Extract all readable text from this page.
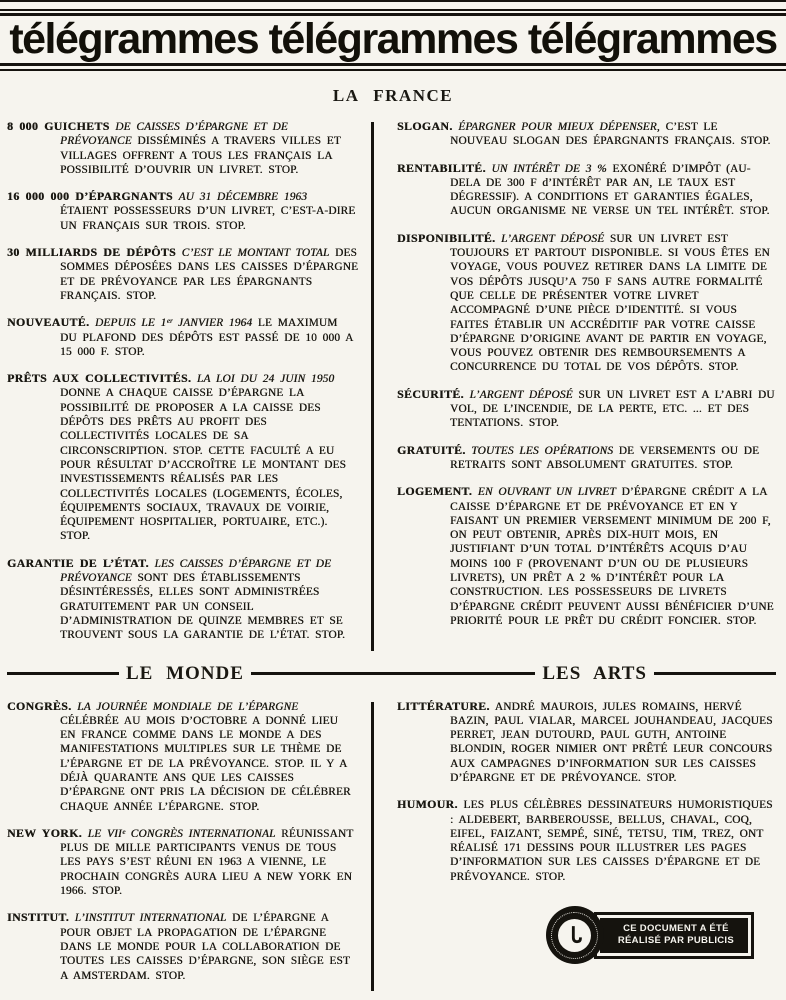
télégrammes télégrammes télégrammes
LA FRANCE

8 000 GUICHETS DE CAISSES D’ÉPARGNE ET DE PRÉVOYANCE DISSÉMINÉS A TRAVERS VILLES ET VILLAGES OFFRENT A TOUS LES FRANÇAIS LA POSSIBILITÉ D’OUVRIR UN LIVRET. STOP.

16 000 000 D’ÉPARGNANTS AU 31 DÉCEMBRE 1963 ÉTAIENT POSSESSEURS D’UN LIVRET, C’EST-A-DIRE UN FRANÇAIS SUR TROIS. STOP.

30 MILLIARDS DE DÉPÔTS C’EST LE MONTANT TOTAL DES SOMMES DÉPOSÉES DANS LES CAISSES D’ÉPARGNE ET DE PRÉVOYANCE PAR LES ÉPARGNANTS FRANÇAIS. STOP.

NOUVEAUTÉ. DEPUIS LE 1ᵉʳ JANVIER 1964 LE MAXIMUM DU PLAFOND DES DÉPÔTS EST PASSÉ DE 10 000 A 15 000 F. STOP.

PRÊTS AUX COLLECTIVITÉS. LA LOI DU 24 JUIN 1950 DONNE A CHAQUE CAISSE D’ÉPARGNE LA POSSIBILITÉ DE PROPOSER A LA CAISSE DES DÉPÔTS DES PRÊTS AU PROFIT DES COLLECTIVITÉS LOCALES DE SA CIRCONSCRIPTION. STOP. CETTE FACULTÉ A EU POUR RÉSULTAT D’ACCROÎTRE LE MONTANT DES INVESTISSEMENTS RÉALISÉS PAR LES COLLECTIVITÉS LOCALES (LOGEMENTS, ÉCOLES, ÉQUIPEMENTS SOCIAUX, TRAVAUX DE VOIRIE, ÉQUIPEMENT HOSPITALIER, PORTUAIRE, ETC.). STOP.

GARANTIE DE L’ÉTAT. LES CAISSES D’ÉPARGNE ET DE PRÉVOYANCE SONT DES ÉTABLISSEMENTS DÉSINTÉRESSÉS, ELLES SONT ADMINISTRÉES GRATUITEMENT PAR UN CONSEIL D’ADMINISTRATION DE QUINZE MEMBRES ET SE TROUVENT SOUS LA GARANTIE DE L’ÉTAT. STOP.

SLOGAN. ÉPARGNER POUR MIEUX DÉPENSER, C’EST LE NOUVEAU SLOGAN DES ÉPARGNANTS FRANÇAIS. STOP.

RENTABILITÉ. UN INTÉRÊT DE 3 % EXONÉRÉ D’IMPÔT (AU-DELA DE 300 F d’INTÉRÊT PAR AN, LE TAUX EST DÉGRESSIF). A CONDITIONS ET GARANTIES ÉGALES, AUCUN ORGANISME NE VERSE UN TEL INTÉRÊT. STOP.

DISPONIBILITÉ. L’ARGENT DÉPOSÉ SUR UN LIVRET EST TOUJOURS ET PARTOUT DISPONIBLE. SI VOUS ÊTES EN VOYAGE, VOUS POUVEZ RETIRER DANS LA LIMITE DE VOS DÉPÔTS JUSQU’A 750 F SANS AUTRE FORMALITÉ QUE CELLE DE PRÉSENTER VOTRE LIVRET ACCOMPAGNÉ D’UNE PIÈCE D’IDENTITÉ. SI VOUS FAITES ÉTABLIR UN ACCRÉDITIF PAR VOTRE CAISSE D’ÉPARGNE D’ORIGINE AVANT DE PARTIR EN VOYAGE, VOUS POUVEZ OBTENIR DES REMBOURSEMENTS A CONCURRENCE DU TOTAL DE VOS DÉPÔTS. STOP.

SÉCURITÉ. L’ARGENT DÉPOSÉ SUR UN LIVRET EST A L’ABRI DU VOL, DE L’INCENDIE, DE LA PERTE, ETC. ... ET DES TENTATIONS. STOP.

GRATUITÉ. TOUTES LES OPÉRATIONS DE VERSEMENTS OU DE RETRAITS SONT ABSOLUMENT GRATUITES. STOP.

LOGEMENT. EN OUVRANT UN LIVRET D’ÉPARGNE CRÉDIT A LA CAISSE D’ÉPARGNE ET DE PRÉVOYANCE ET EN Y FAISANT UN PREMIER VERSEMENT MINIMUM DE 200 F, ON PEUT OBTENIR, APRÈS DIX-HUIT MOIS, EN JUSTIFIANT D’UN TOTAL D’INTÉRÊTS ACQUIS D’AU MOINS 100 F (PROVENANT D’UN OU DE PLUSIEURS LIVRETS), UN PRÊT A 2 % D’INTÉRÊT POUR LA CONSTRUCTION. LES POSSESSEURS DE LIVRETS D’ÉPARGNE CRÉDIT PEUVENT AUSSI BÉNÉFICIER D’UNE PRIORITÉ POUR LE PRÊT DU CRÉDIT FONCIER. STOP.

LE MONDE	LES ARTS

CONGRÈS. LA JOURNÉE MONDIALE DE L’ÉPARGNE CÉLÉBRÉE AU MOIS D’OCTOBRE A DONNÉ LIEU EN FRANCE COMME DANS LE MONDE A DES MANIFESTATIONS MULTIPLES SUR LE THÈME DE L’ÉPARGNE ET DE LA PRÉVOYANCE. STOP. IL Y A DÉJÀ QUARANTE ANS QUE LES CAISSES D’ÉPARGNE ONT PRIS LA DÉCISION DE CÉLÉBRER CHAQUE ANNÉE L’ÉPARGNE. STOP.

NEW YORK. LE VIIᵉ CONGRÈS INTERNATIONAL RÉUNISSANT PLUS DE MILLE PARTICIPANTS VENUS DE TOUS LES PAYS S’EST RÉUNI EN 1963 A VIENNE, LE PROCHAIN CONGRÈS AURA LIEU A NEW YORK EN 1966. STOP.

INSTITUT. L’INSTITUT INTERNATIONAL DE L’ÉPARGNE A POUR OBJET LA PROPAGATION DE L’ÉPARGNE DANS LE MONDE POUR LA COLLABORATION DE TOUTES LES CAISSES D’ÉPARGNE, SON SIÈGE EST A AMSTERDAM. STOP.

LITTÉRATURE. ANDRÉ MAUROIS, JULES ROMAINS, HERVÉ BAZIN, PAUL VIALAR, MARCEL JOUHANDEAU, JACQUES PERRET, JEAN DUTOURD, PAUL GUTH, ANTOINE BLONDIN, ROGER NIMIER ONT PRÊTÉ LEUR CONCOURS AUX CAMPAGNES D’INFORMATION SUR LES CAISSES D’ÉPARGNE ET DE PRÉVOYANCE. STOP.

HUMOUR. LES PLUS CÉLÈBRES DESSINATEURS HUMORISTIQUES : ALDEBERT, BARBEROUSSE, BELLUS, CHAVAL, COQ, EIFEL, FAIZANT, SEMPÉ, SINÉ, TETSU, TIM, TREZ, ONT RÉALISÉ 171 DESSINS POUR ILLUSTRER LES PAGES D’INFORMATION SUR LES CAISSES D’ÉPARGNE ET DE PRÉVOYANCE. STOP.

CE DOCUMENT A ÉTÉ
RÉALISÉ PAR PUBLICIS
